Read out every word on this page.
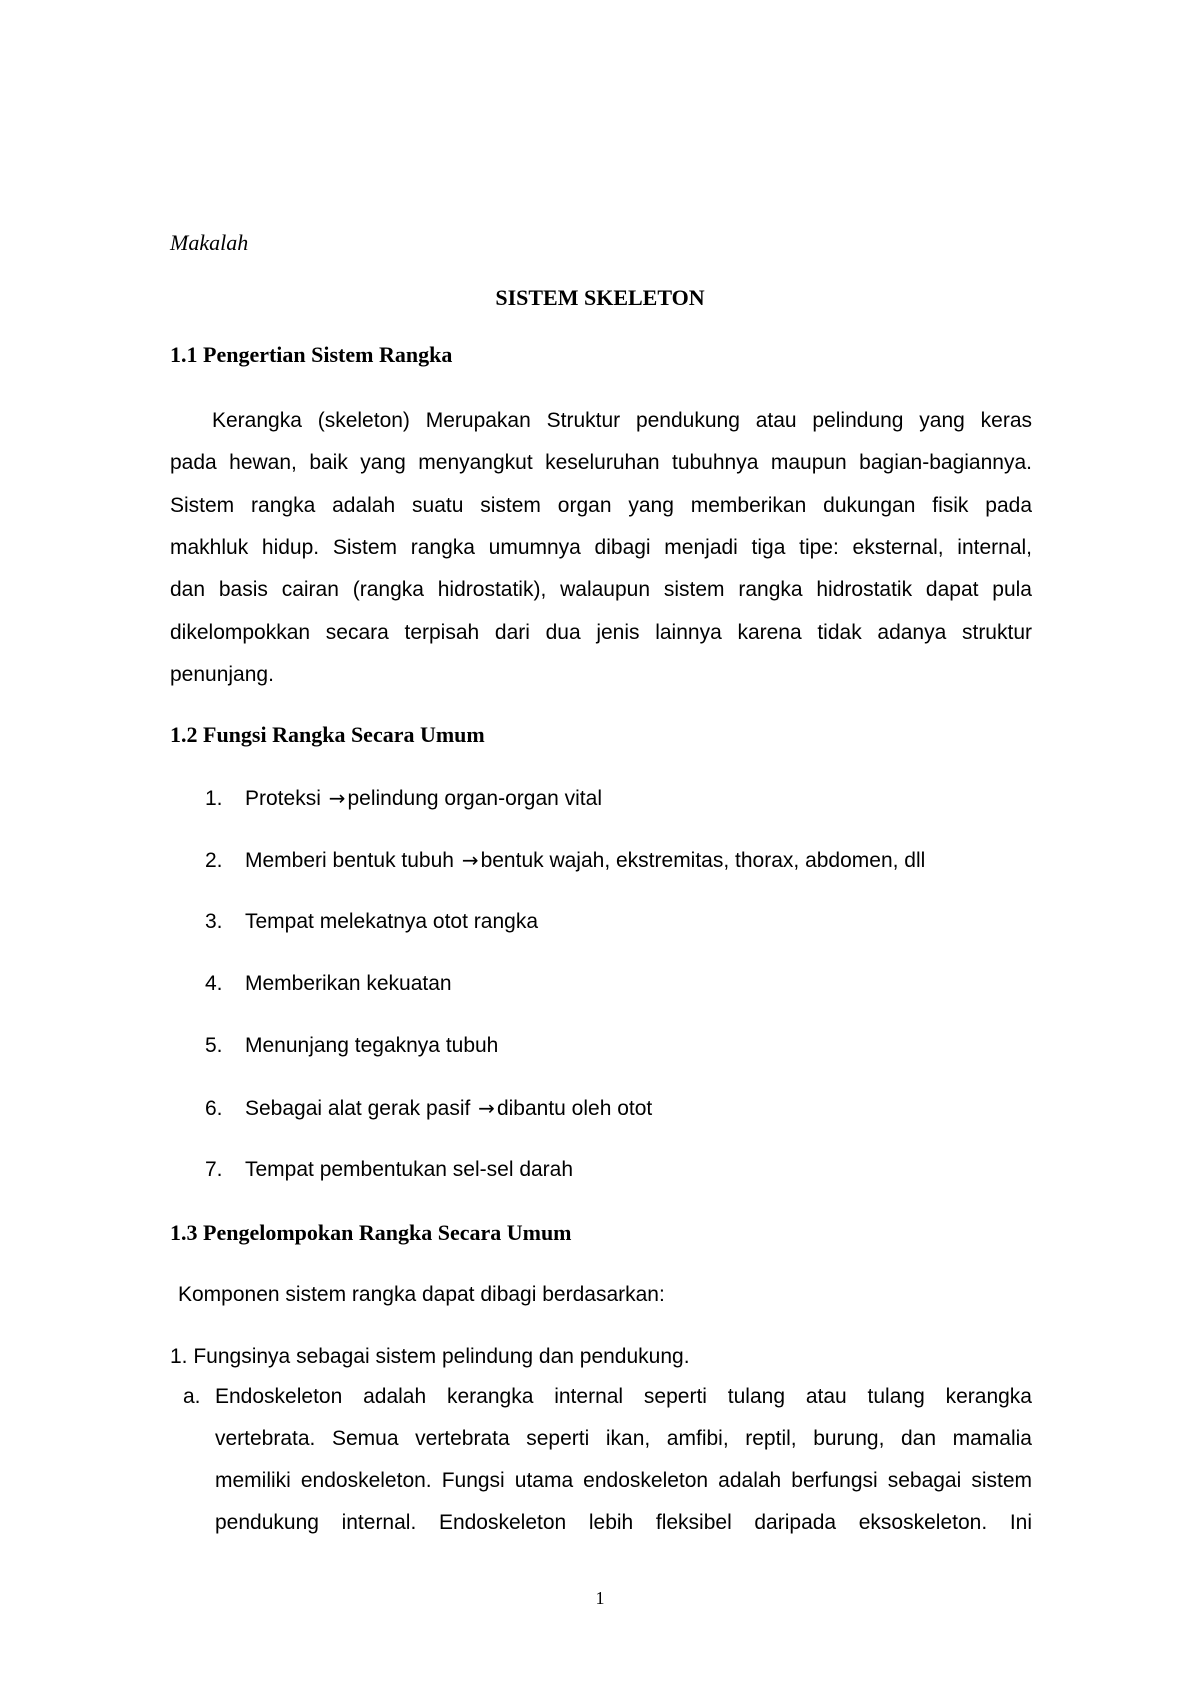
Makalah
SISTEM SKELETON
1.1 Pengertian Sistem Rangka
Kerangka (skeleton) Merupakan Struktur pendukung atau pelindung yang keras
pada hewan, baik yang menyangkut keseluruhan tubuhnya maupun bagian-bagiannya.
Sistem rangka adalah suatu sistem organ yang memberikan dukungan fisik pada
makhluk hidup. Sistem rangka umumnya dibagi menjadi tiga tipe: eksternal, internal,
dan basis cairan (rangka hidrostatik), walaupun sistem rangka hidrostatik dapat pula
dikelompokkan secara terpisah dari dua jenis lainnya karena tidak adanya struktur
penunjang.
1.2 Fungsi Rangka Secara Umum
1. Proteksi →pelindung organ-organ vital
2. Memberi bentuk tubuh →bentuk wajah, ekstremitas, thorax, abdomen, dll
3. Tempat melekatnya otot rangka
4. Memberikan kekuatan
5. Menunjang tegaknya tubuh
6. Sebagai alat gerak pasif →dibantu oleh otot
7. Tempat pembentukan sel-sel darah
1.3 Pengelompokan Rangka Secara Umum
Komponen sistem rangka dapat dibagi berdasarkan:
1. Fungsinya sebagai sistem pelindung dan pendukung.
a. Endoskeleton adalah kerangka internal seperti tulang atau tulang kerangka
vertebrata. Semua vertebrata seperti ikan, amfibi, reptil, burung, dan mamalia
memiliki endoskeleton. Fungsi utama endoskeleton adalah berfungsi sebagai sistem
pendukung internal. Endoskeleton lebih fleksibel daripada eksoskeleton. Ini
1
